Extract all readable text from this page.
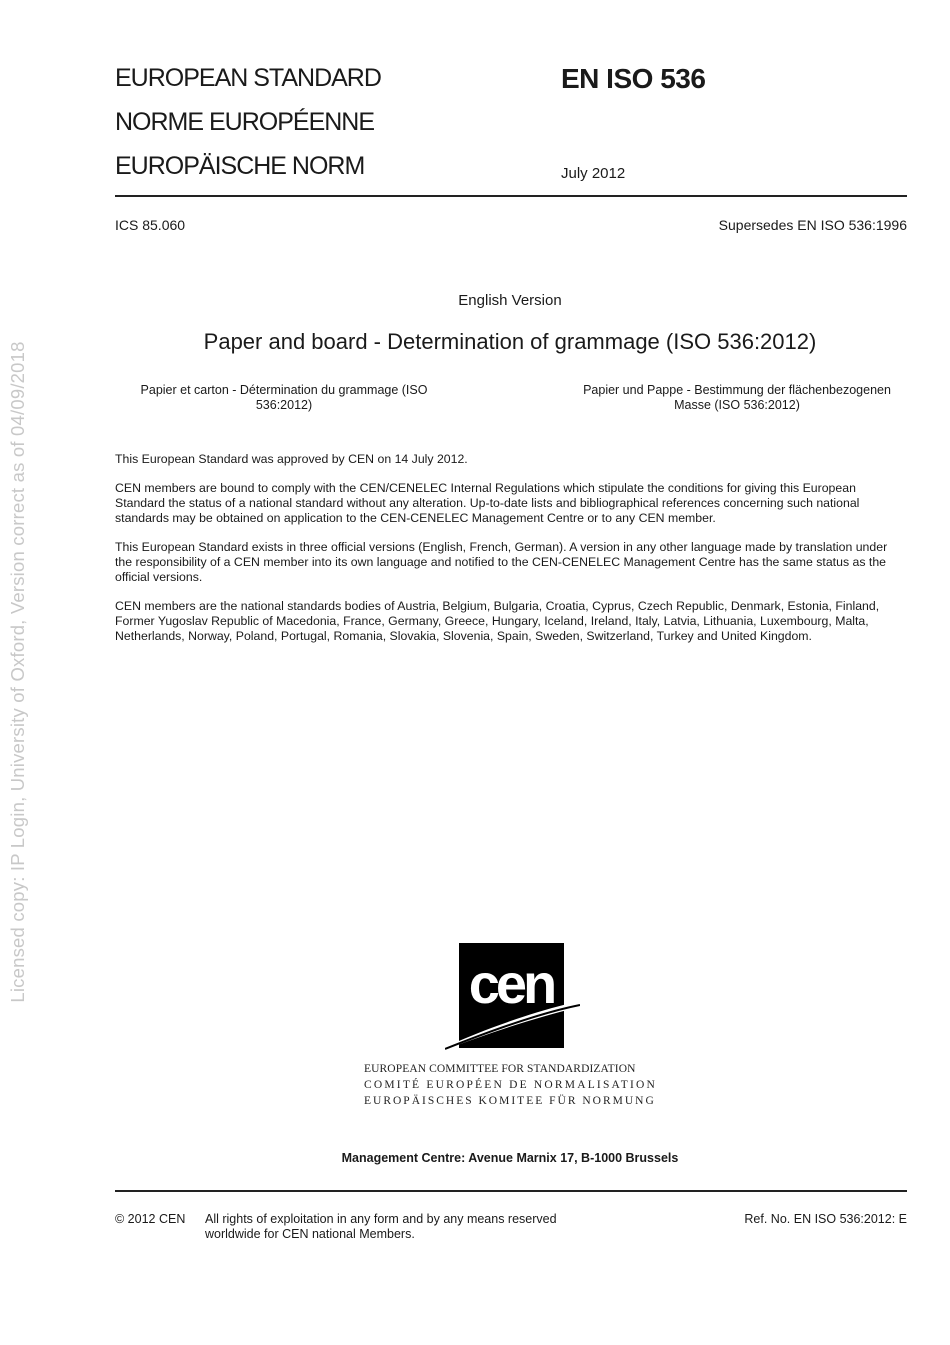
EUROPEAN STANDARD
NORME EUROPÉENNE
EUROPÄISCHE NORM
EN ISO 536
July 2012
ICS 85.060	Supersedes EN ISO 536:1996
English Version
Paper and board - Determination of grammage (ISO 536:2012)
Papier et carton - Détermination du grammage (ISO 536:2012)
Papier und Pappe - Bestimmung der flächenbezogenen Masse (ISO 536:2012)
This European Standard was approved by CEN on 14 July 2012.
CEN members are bound to comply with the CEN/CENELEC Internal Regulations which stipulate the conditions for giving this European Standard the status of a national standard without any alteration. Up-to-date lists and bibliographical references concerning such national standards may be obtained on application to the CEN-CENELEC Management Centre or to any CEN member.
This European Standard exists in three official versions (English, French, German). A version in any other language made by translation under the responsibility of a CEN member into its own language and notified to the CEN-CENELEC Management Centre has the same status as the official versions.
CEN members are the national standards bodies of Austria, Belgium, Bulgaria, Croatia, Cyprus, Czech Republic, Denmark, Estonia, Finland, Former Yugoslav Republic of Macedonia, France, Germany, Greece, Hungary, Iceland, Ireland, Italy, Latvia, Lithuania, Luxembourg, Malta, Netherlands, Norway, Poland, Portugal, Romania, Slovakia, Slovenia, Spain, Sweden, Switzerland, Turkey and United Kingdom.
Licensed copy: IP Login, University of Oxford, Version correct as of 04/09/2018	cen
EUROPEAN COMMITTEE FOR STANDARDIZATION
COMITÉ EUROPÉEN DE NORMALISATION
EUROPÄISCHES KOMITEE FÜR NORMUNG
Management Centre: Avenue Marnix 17, B-1000 Brussels
© 2012 CEN All rights of exploitation in any form and by any means reserved worldwide for CEN national Members.
Ref. No. EN ISO 536:2012: E
